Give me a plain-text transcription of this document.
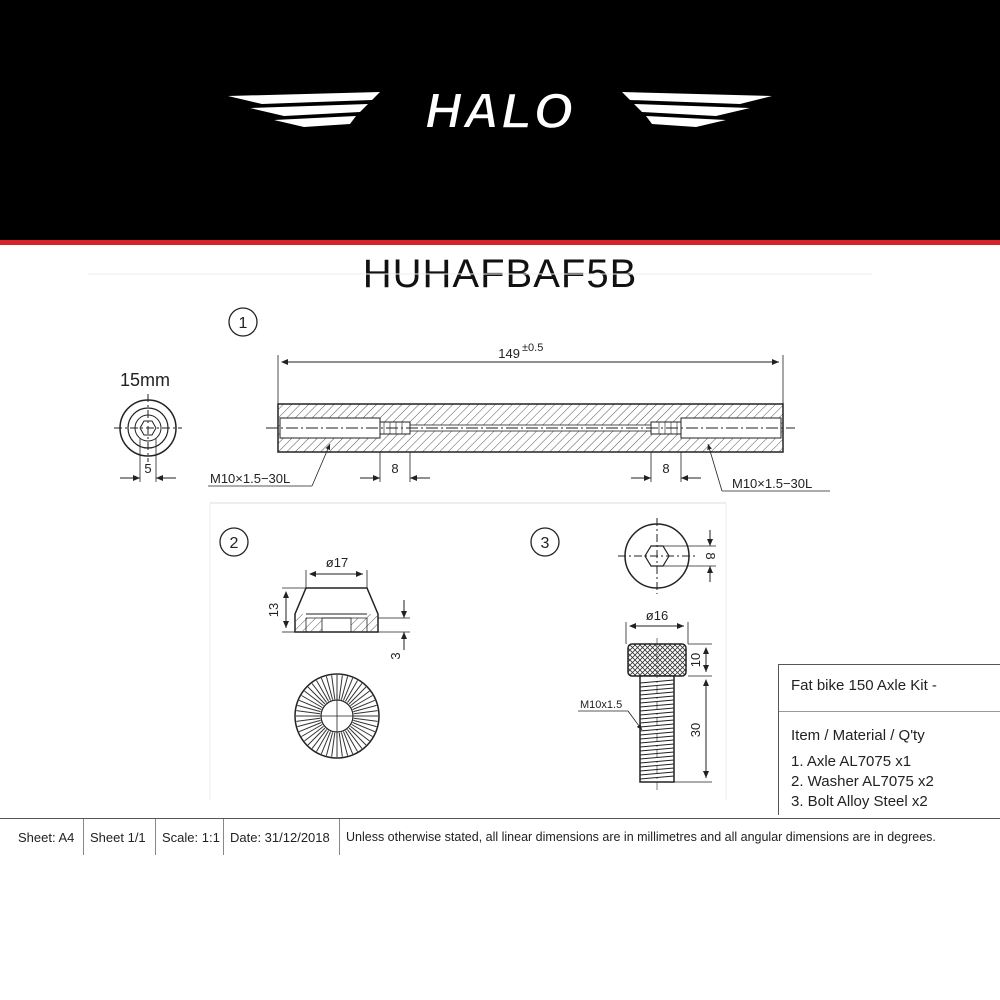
HALO
HUHAFBAF5B
1
15mm
5
149 ±0.5
8	8
M10×1.5−30L	M10×1.5−30L
2
ø17
13
3
3
8
ø16
10
30
M10x1.5
Fat bike 150 Axle Kit -
Item / Material / Q'ty
1. Axle AL7075 x1
2. Washer AL7075 x2
3. Bolt Alloy Steel x2
Sheet: A4	Sheet 1/1	Scale: 1:1 Date: 31/12/2018	Unless otherwise stated, all linear dimensions are in millimetres and all angular dimensions are in degrees.
